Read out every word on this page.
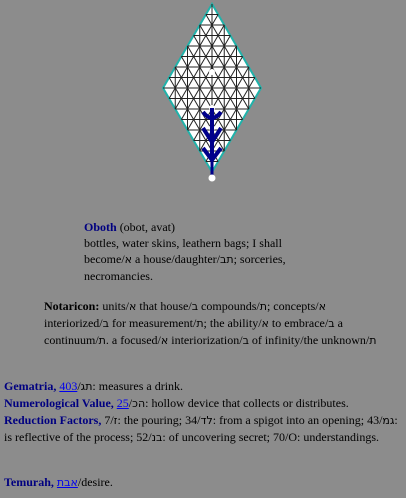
Oboth (obot, avat)
bottles, water skins, leathern bags; I shall
become/א a house/daughter/תב; sorceries,
necromancies.
Notaricon: units/א that house/ב compounds/ת; concepts/א interiorized/ב for measurement/ת; the ability/א to embrace/ב a continuum/ת. a focused/א interiorization/ב of infinity/the unknown/ת
Gematria, 403/תג: measures a drink.
Numerological Value, 25/הכ: hollow device that collects or distributes.
Reduction Factors, 7/ז: the pouring; 34/לד: from a spigot into an opening; 43/גמ: is reflective of the process; 52/בנ: of uncovering secret; 70/O: understandings.
Temurah, אבת/desire.
